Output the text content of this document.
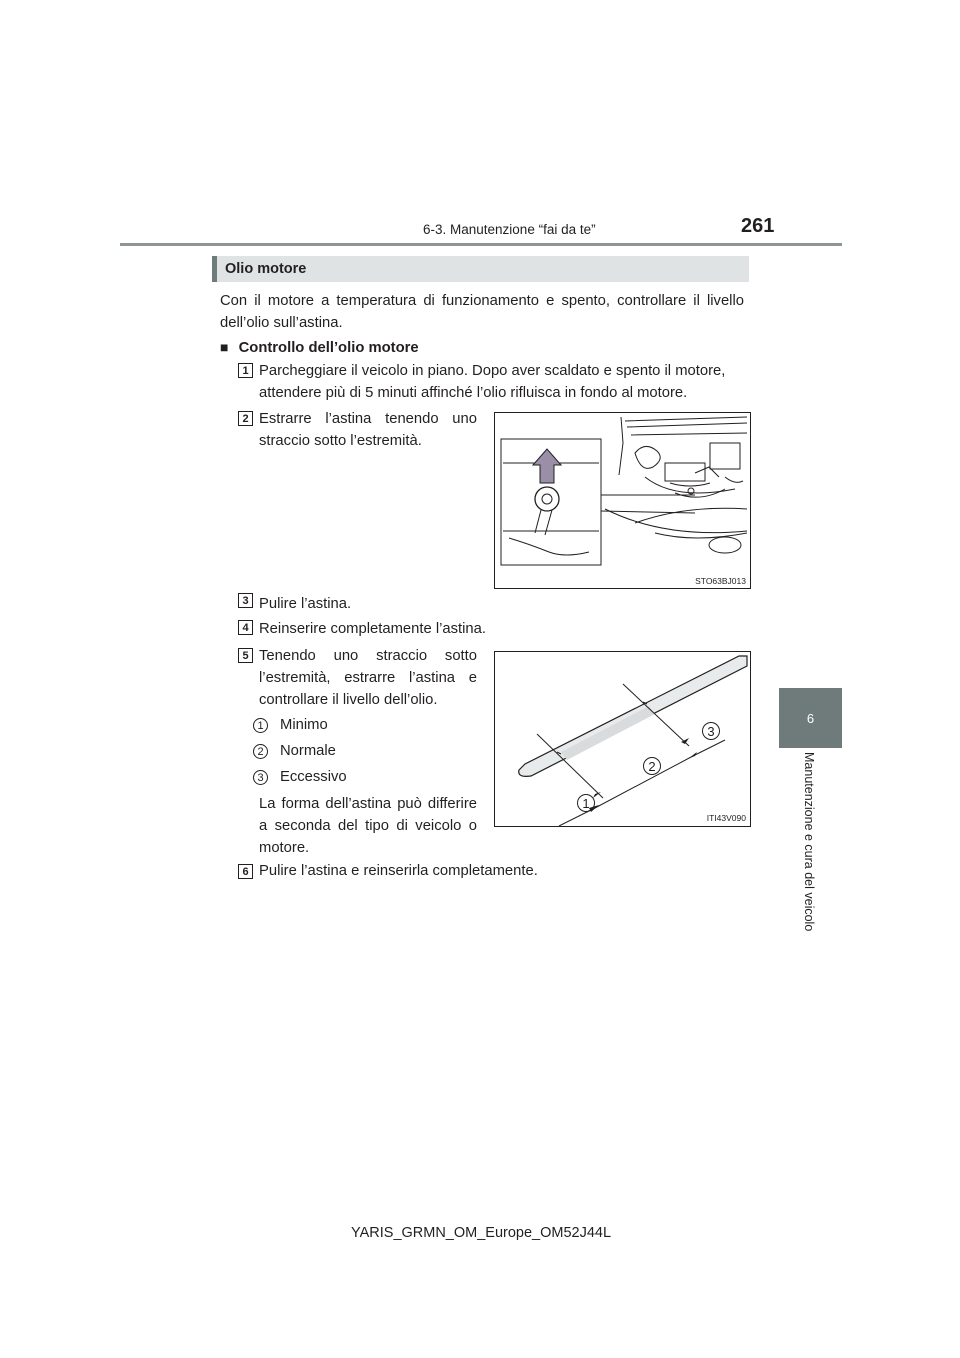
6-3. Manutenzione “fai da te”	261
6
Manutenzione e cura del veicolo
Olio motore
Con il motore a temperatura di funzionamento e spento, controllare il livello
dell’olio sull’astina.
■ Controllo dell’olio motore
1 Parcheggiare il veicolo in piano. Dopo aver scaldato e spento il motore,
attendere più di 5 minuti affinché l’olio rifluisca in fondo al motore.
2 Estrarre l’astina tenendo uno
straccio sotto l’estremità.
STO63BJ013
3 Pulire l’astina.
4 Reinserire completamente l’astina.
5 Tenendo uno straccio sotto
l’estremità, estrarre l’astina e
controllare il livello dell’olio.
1 Minimo
2 Normale
3 Eccessivo
La forma dell’astina può differire
a seconda del tipo di veicolo o
motore.
1
2
3
ITI43V090
6 Pulire l’astina e reinserirla completamente.
YARIS_GRMN_OM_Europe_OM52J44L
